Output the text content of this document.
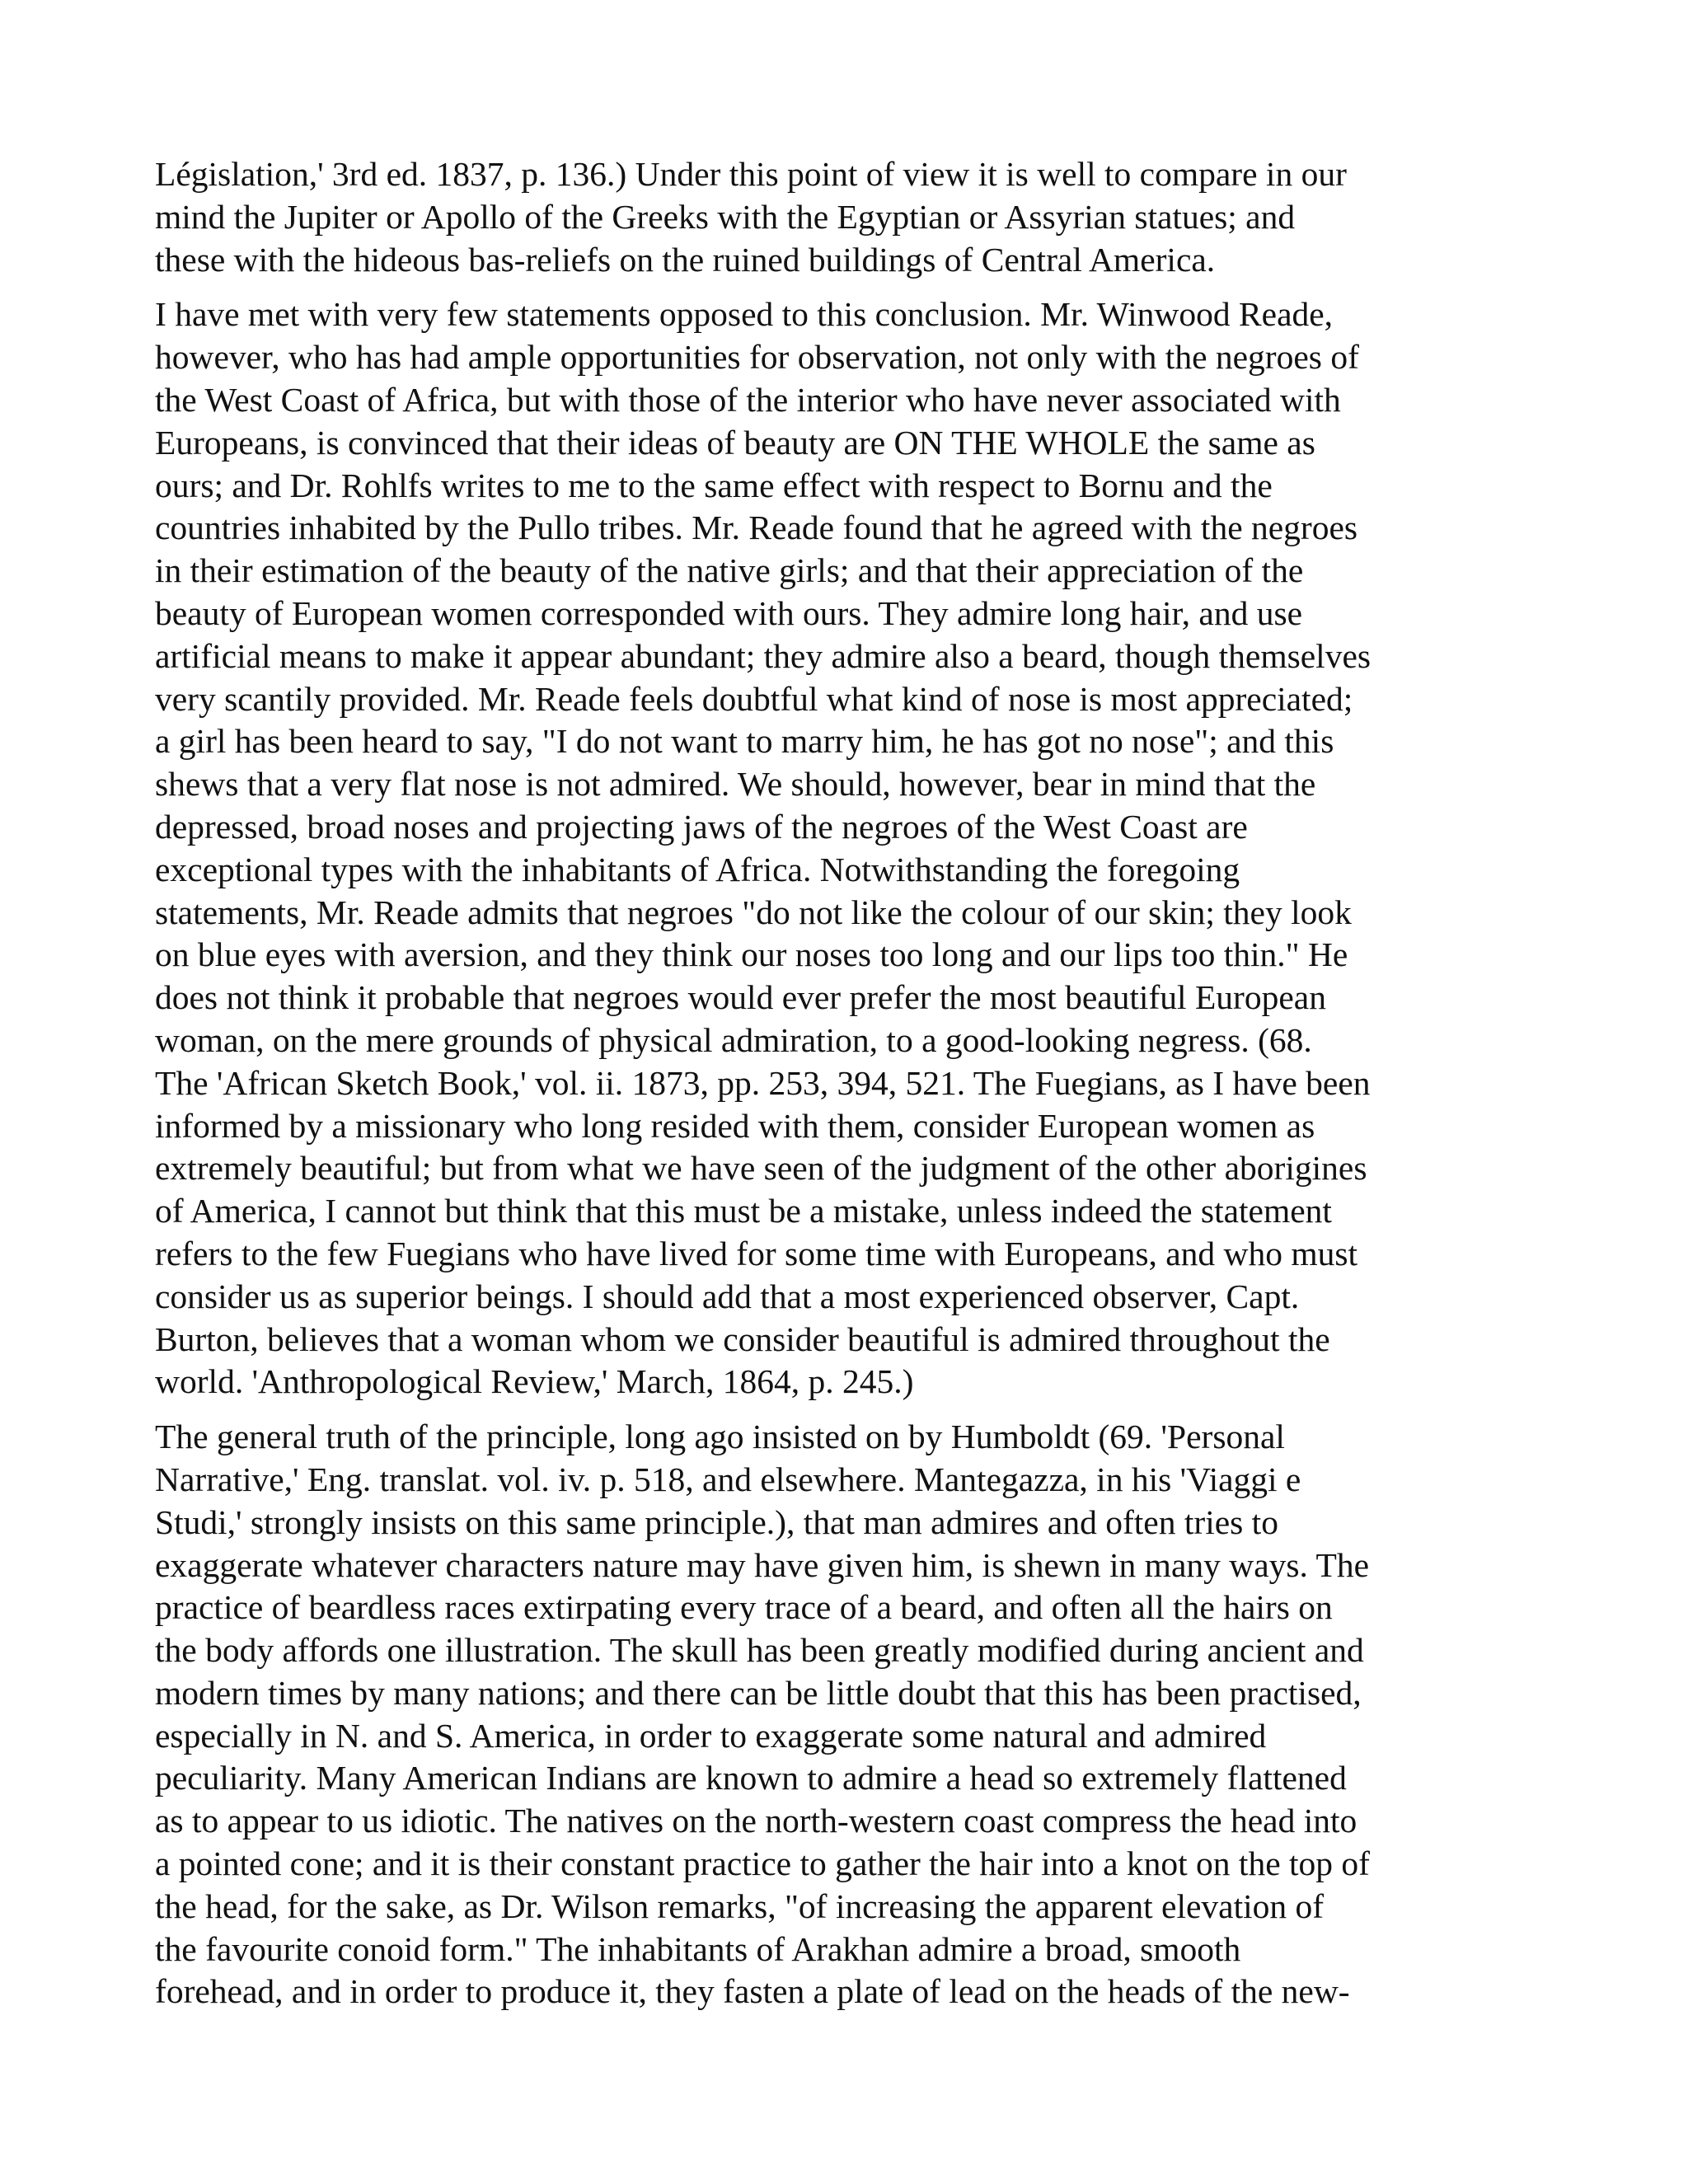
Législation,' 3rd ed. 1837, p. 136.) Under this point of view it is well to compare in our
mind the Jupiter or Apollo of the Greeks with the Egyptian or Assyrian statues; and
these with the hideous bas-reliefs on the ruined buildings of Central America.
I have met with very few statements opposed to this conclusion. Mr. Winwood Reade,
however, who has had ample opportunities for observation, not only with the negroes of
the West Coast of Africa, but with those of the interior who have never associated with
Europeans, is convinced that their ideas of beauty are ON THE WHOLE the same as
ours; and Dr. Rohlfs writes to me to the same effect with respect to Bornu and the
countries inhabited by the Pullo tribes. Mr. Reade found that he agreed with the negroes
in their estimation of the beauty of the native girls; and that their appreciation of the
beauty of European women corresponded with ours. They admire long hair, and use
artificial means to make it appear abundant; they admire also a beard, though themselves
very scantily provided. Mr. Reade feels doubtful what kind of nose is most appreciated;
a girl has been heard to say, "I do not want to marry him, he has got no nose"; and this
shews that a very flat nose is not admired. We should, however, bear in mind that the
depressed, broad noses and projecting jaws of the negroes of the West Coast are
exceptional types with the inhabitants of Africa. Notwithstanding the foregoing
statements, Mr. Reade admits that negroes "do not like the colour of our skin; they look
on blue eyes with aversion, and they think our noses too long and our lips too thin." He
does not think it probable that negroes would ever prefer the most beautiful European
woman, on the mere grounds of physical admiration, to a good-looking negress. (68.
The 'African Sketch Book,' vol. ii. 1873, pp. 253, 394, 521. The Fuegians, as I have been
informed by a missionary who long resided with them, consider European women as
extremely beautiful; but from what we have seen of the judgment of the other aborigines
of America, I cannot but think that this must be a mistake, unless indeed the statement
refers to the few Fuegians who have lived for some time with Europeans, and who must
consider us as superior beings. I should add that a most experienced observer, Capt.
Burton, believes that a woman whom we consider beautiful is admired throughout the
world. 'Anthropological Review,' March, 1864, p. 245.)
The general truth of the principle, long ago insisted on by Humboldt (69. 'Personal
Narrative,' Eng. translat. vol. iv. p. 518, and elsewhere. Mantegazza, in his 'Viaggi e
Studi,' strongly insists on this same principle.), that man admires and often tries to
exaggerate whatever characters nature may have given him, is shewn in many ways. The
practice of beardless races extirpating every trace of a beard, and often all the hairs on
the body affords one illustration. The skull has been greatly modified during ancient and
modern times by many nations; and there can be little doubt that this has been practised,
especially in N. and S. America, in order to exaggerate some natural and admired
peculiarity. Many American Indians are known to admire a head so extremely flattened
as to appear to us idiotic. The natives on the north-western coast compress the head into
a pointed cone; and it is their constant practice to gather the hair into a knot on the top of
the head, for the sake, as Dr. Wilson remarks, "of increasing the apparent elevation of
the favourite conoid form." The inhabitants of Arakhan admire a broad, smooth
forehead, and in order to produce it, they fasten a plate of lead on the heads of the new-
